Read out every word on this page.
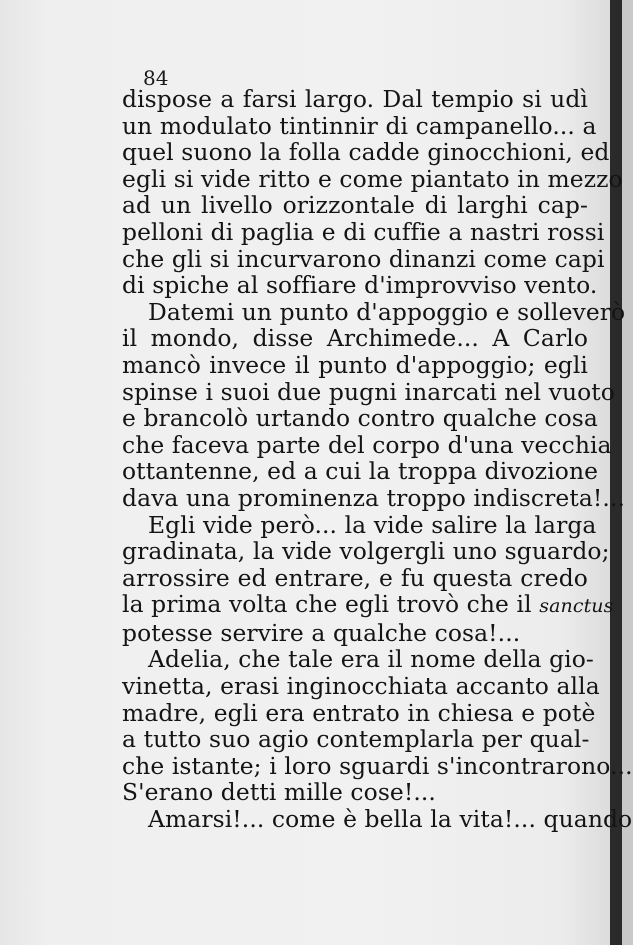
84
dispose a farsi largo. Dal tempio si udì
un modulato tintinnir di campanello... a
quel suono la folla cadde ginocchioni, ed
egli si vide ritto e come piantato in mezzo
ad un livello orizzontale di larghi cap-
pelloni di paglia e di cuffie a nastri rossi
che gli si incurvarono dinanzi come capi
di spiche al soffiare d'improvviso vento.
Datemi un punto d'appoggio e solleverò
il mondo, disse Archimede... A Carlo
mancò invece il punto d'appoggio; egli
spinse i suoi due pugni inarcati nel vuoto
e brancolò urtando contro qualche cosa
che faceva parte del corpo d'una vecchia
ottantenne, ed a cui la troppa divozione
dava una prominenza troppo indiscreta!...
Egli vide però... la vide salire la larga
gradinata, la vide volgergli uno sguardo;
arrossire ed entrare, e fu questa credo
la prima volta che egli trovò che il sanctus
potesse servire a qualche cosa!...
Adelia, che tale era il nome della gio-
vinetta, erasi inginocchiata accanto alla
madre, egli era entrato in chiesa e potè
a tutto suo agio contemplarla per qual-
che istante; i loro sguardi s'incontrarono...
S'erano detti mille cose!...
Amarsi!... come è bella la vita!... quando
